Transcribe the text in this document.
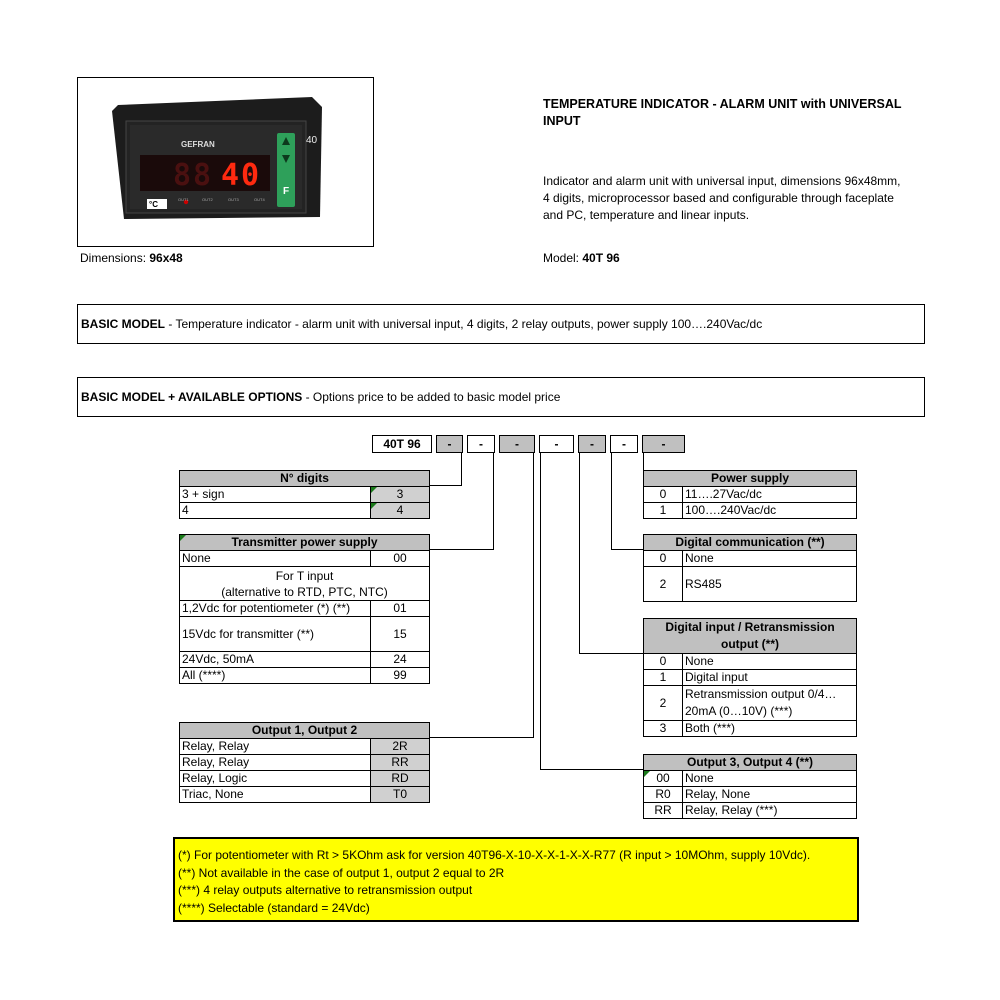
GEFRAN	40
88 40
°C
F
OUT1	OUT2	OUT3	OUT4
Dimensions: 96x48
TEMPERATURE INDICATOR - ALARM UNIT with UNIVERSAL INPUT
Indicator and alarm unit with universal input, dimensions 96x48mm, 4 digits, microprocessor based and configurable through faceplate and PC, temperature and linear inputs.
Model: 40T 96
BASIC MODEL - Temperature indicator - alarm unit with universal input, 4 digits, 2 relay outputs, power supply 100….240Vac/dc
BASIC MODEL + AVAILABLE OPTIONS - Options price to be added to basic model price
40T 96	-	-	-	-	-	-	-
N° digits	
3 + sign	3
4	4
Transmitter power supply	
None	00
For T input
(alternative to RTD, PTC, NTC)	
1,2Vdc for potentiometer (*) (**)	01
15Vdc for transmitter (**)	15
24Vdc, 50mA	24
All (****)	99
Output 1, Output 2	
Relay, Relay	2R
Relay, Relay	RR
Relay, Logic	RD
Triac, None	T0
Power supply	
0	11….27Vac/dc
1	100….240Vac/dc
Digital communication (**)	
0	None
2	RS485
Digital input / Retransmission output (**)	
0	None
1	Digital input
2	Retransmission output 0/4…20mA (0…10V) (***)
3	Both (***)
Output 3, Output 4 (**)	
00	None
R0	Relay, None
RR	Relay, Relay (***)
(*) For potentiometer with Rt > 5KOhm ask for version 40T96-X-10-X-X-1-X-X-R77 (R input > 10MOhm, supply 10Vdc).
(**) Not available in the case of output 1, output 2 equal to 2R
(***) 4 relay outputs alternative to retransmission output
(****) Selectable (standard = 24Vdc)
